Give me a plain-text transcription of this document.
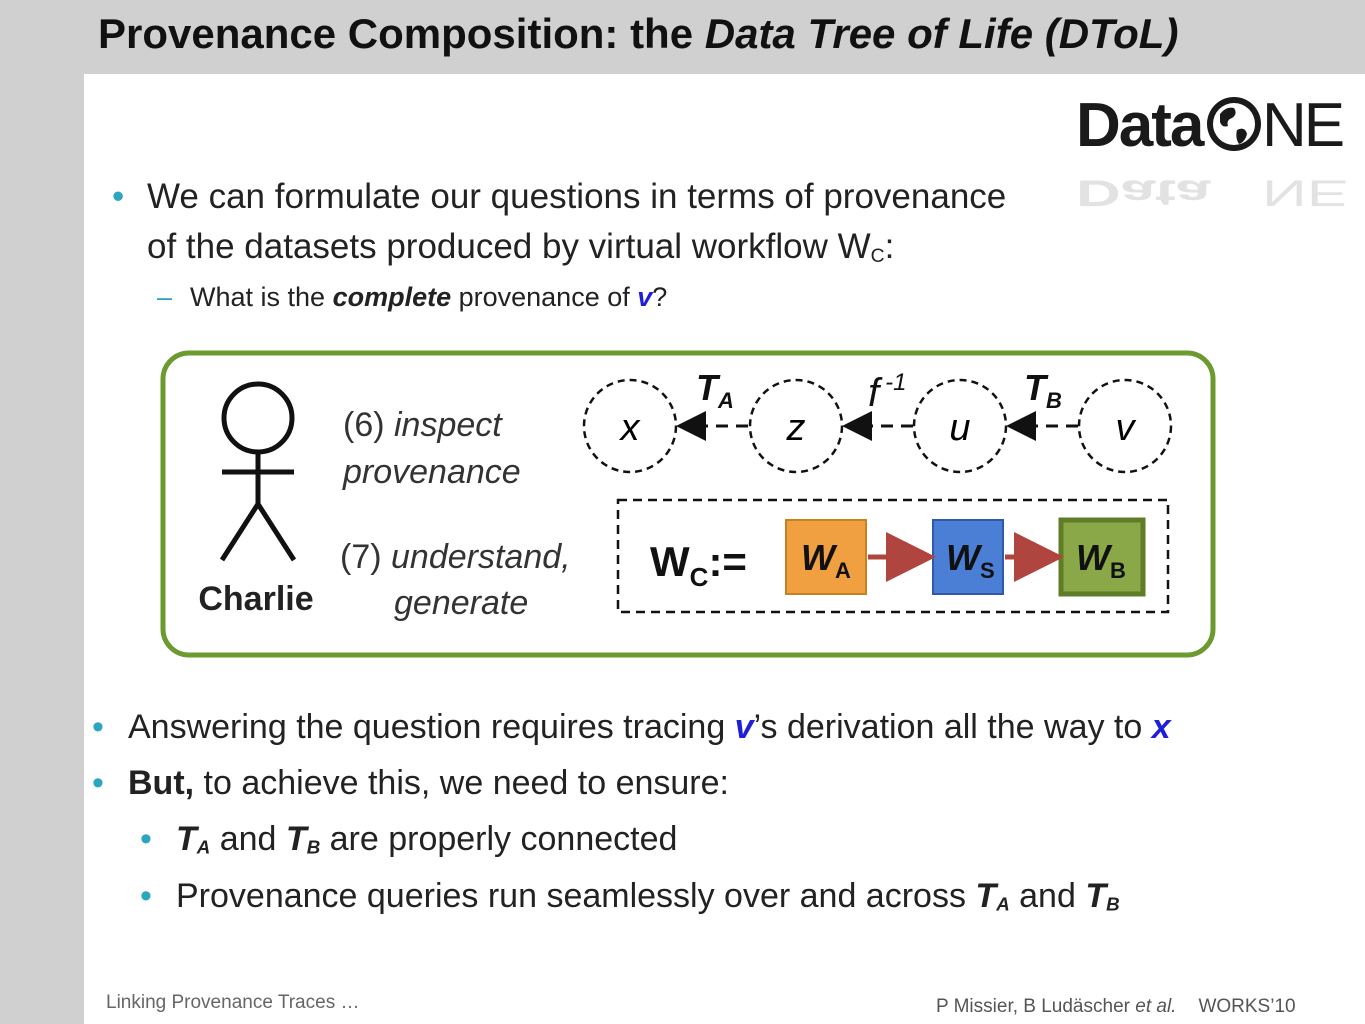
Provenance Composition: the Data Tree of Life (DToL)
Data NE
Data NE
• We can formulate our questions in terms of provenance
of the datasets produced by virtual workflow $W_C$:
– What is the complete provenance of v?
Charlie
(6) inspect
provenance
(7) understand,
generate
x	z	u	v
$T_A$	f $^{-1}$	$T_B$
$W_C:= W_A$	$W_S$ $W_B$
• Answering the question requires tracing v’s derivation all the way to x
• But, to achieve this, we need to ensure:
• $T_A$ and $T_B$ are properly connected
• Provenance queries run seamlessly over and across $T_A$ and $T_B$
Linking Provenance Traces …	P Missier, B Ludäscher et al. WORKS’10
